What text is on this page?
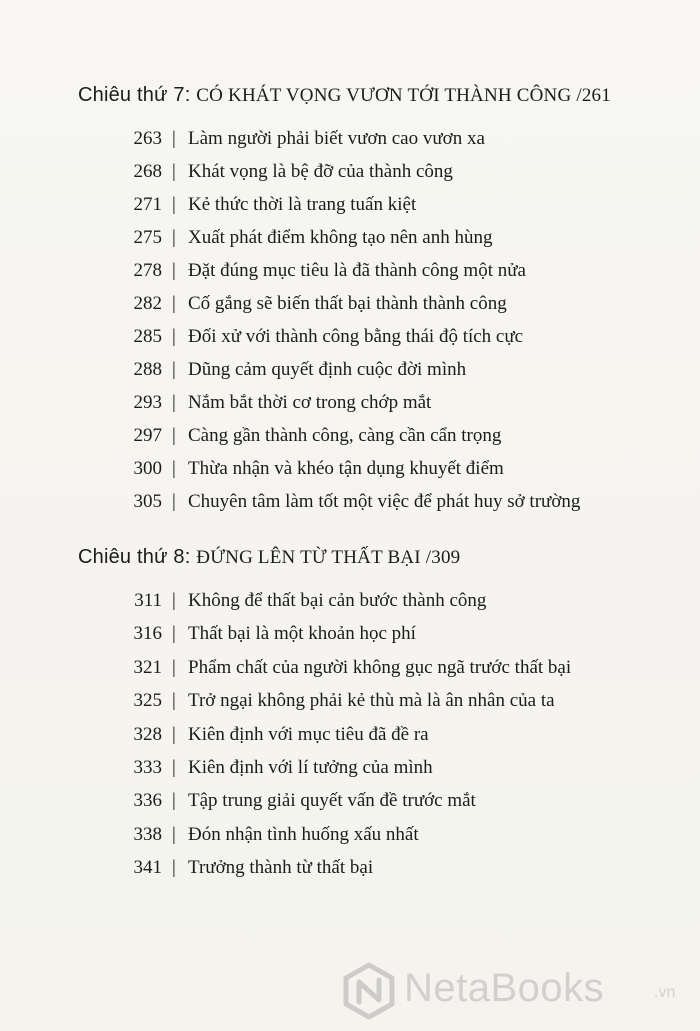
Chiêu thứ 7: CÓ KHÁT VỌNG VƯƠN TỚI THÀNH CÔNG /261
263 | Làm người phải biết vươn cao vươn xa
268 | Khát vọng là bệ đỡ của thành công
271 | Kẻ thức thời là trang tuấn kiệt
275 | Xuất phát điểm không tạo nên anh hùng
278 | Đặt đúng mục tiêu là đã thành công một nửa
282 | Cố gắng sẽ biến thất bại thành thành công
285 | Đối xử với thành công bằng thái độ tích cực
288 | Dũng cảm quyết định cuộc đời mình
293 | Nắm bắt thời cơ trong chớp mắt
297 | Càng gần thành công, càng cần cẩn trọng
300 | Thừa nhận và khéo tận dụng khuyết điểm
305 | Chuyên tâm làm tốt một việc để phát huy sở trường
Chiêu thứ 8: ĐỨNG LÊN TỪ THẤT BẠI /309
311 | Không để thất bại cản bước thành công
316 | Thất bại là một khoản học phí
321 | Phẩm chất của người không gục ngã trước thất bại
325 | Trở ngại không phải kẻ thù mà là ân nhân của ta
328 | Kiên định với mục tiêu đã đề ra
333 | Kiên định với lí tưởng của mình
336 | Tập trung giải quyết vấn đề trước mắt
338 | Đón nhận tình huống xấu nhất
341 | Trưởng thành từ thất bại
NetaBooks	.vn
